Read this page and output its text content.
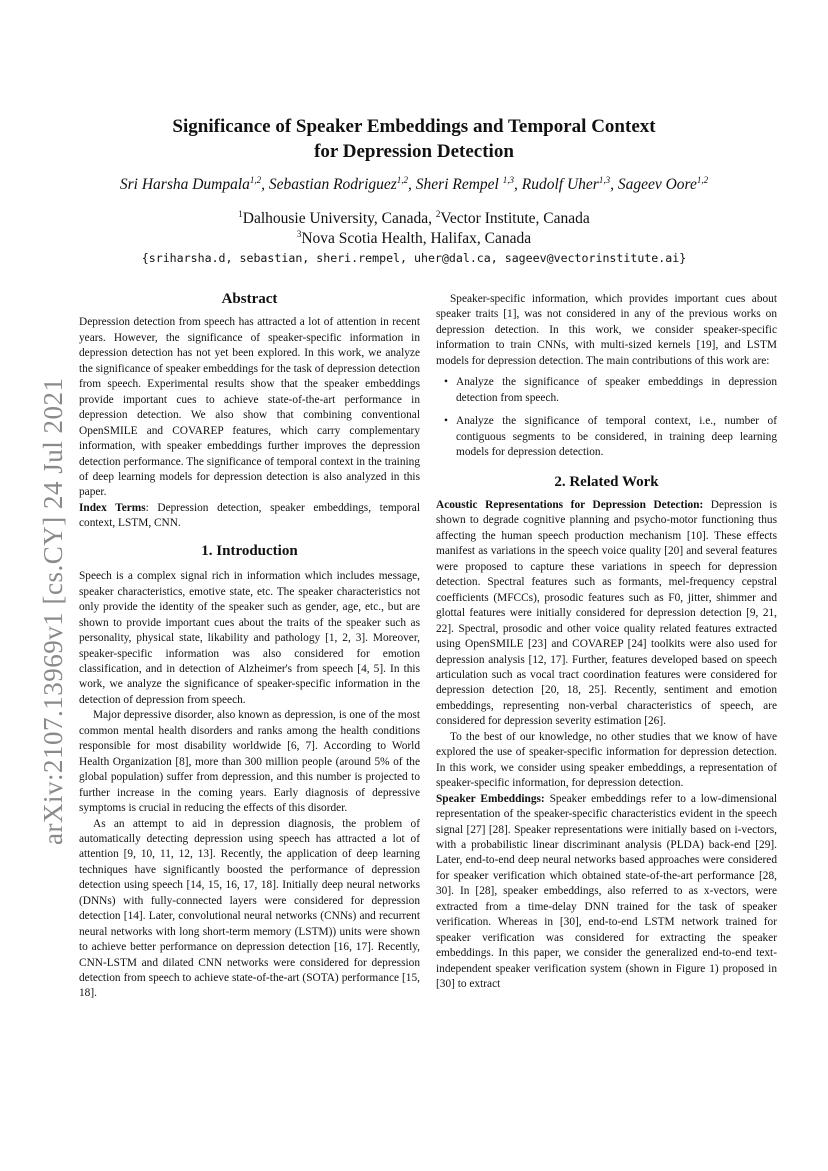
arXiv:2107.13969v1 [cs.CY] 24 Jul 2021
Significance of Speaker Embeddings and Temporal Context
for Depression Detection
Sri Harsha Dumpala$^{1,2}$, Sebastian Rodriguez$^{1,2}$, Sheri Rempel $^{1,3}$, Rudolf Uher$^{1,3}$, Sageev Oore$^{1,2}$
$^1$Dalhousie University, Canada, $^2$Vector Institute, Canada
$^3$Nova Scotia Health, Halifax, Canada
{sriharsha.d, sebastian, sheri.rempel, uher@dal.ca, sageev@vectorinstitute.ai}
Abstract

Depression detection from speech has attracted a lot of attention in recent years. However, the significance of speaker-specific information in depression detection has not yet been explored. In this work, we analyze the significance of speaker embeddings for the task of depression detection from speech. Experimental results show that the speaker embeddings provide important cues to achieve state-of-the-art performance in depression detection. We also show that combining conventional OpenSMILE and COVAREP features, which carry complementary information, with speaker embeddings further improves the depression detection performance. The significance of temporal context in the training of deep learning models for depression detection is also analyzed in this paper.

Index Terms: Depression detection, speaker embeddings, temporal context, LSTM, CNN.

1. Introduction

Speech is a complex signal rich in information which includes message, speaker characteristics, emotive state, etc. The speaker characteristics not only provide the identity of the speaker such as gender, age, etc., but are shown to provide important cues about the traits of the speaker such as personality, physical state, likability and pathology [1, 2, 3]. Moreover, speaker-specific information was also considered for emotion classification, and in detection of Alzheimer's from speech [4, 5]. In this work, we analyze the significance of speaker-specific information in the detection of depression from speech.

Major depressive disorder, also known as depression, is one of the most common mental health disorders and ranks among the health conditions responsible for most disability worldwide [6, 7]. According to World Health Organization [8], more than 300 million people (around 5% of the global population) suffer from depression, and this number is projected to further increase in the coming years. Early diagnosis of depressive symptoms is crucial in reducing the effects of this disorder.

As an attempt to aid in depression diagnosis, the problem of automatically detecting depression using speech has attracted a lot of attention [9, 10, 11, 12, 13]. Recently, the application of deep learning techniques have significantly boosted the performance of depression detection using speech [14, 15, 16, 17, 18]. Initially deep neural networks (DNNs) with fully-connected layers were considered for depression detection [14]. Later, convolutional neural networks (CNNs) and recurrent neural networks with long short-term memory (LSTM)) units were shown to achieve better performance on depression detection [16, 17]. Recently, CNN-LSTM and dilated CNN networks were considered for depression detection from speech to achieve state-of-the-art (SOTA) performance [15, 18].

Speaker-specific information, which provides important cues about speaker traits [1], was not considered in any of the previous works on depression detection. In this work, we consider speaker-specific information to train CNNs, with multi-sized kernels [19], and LSTM models for depression detection. The main contributions of this work are:

• Analyze the significance of speaker embeddings in depression detection from speech.
• Analyze the significance of temporal context, i.e., number of contiguous segments to be considered, in training deep learning models for depression detection.
2. Related Work

Acoustic Representations for Depression Detection: Depression is shown to degrade cognitive planning and psycho-motor functioning thus affecting the human speech production mechanism [10]. These effects manifest as variations in the speech voice quality [20] and several features were proposed to capture these variations in speech for depression detection. Spectral features such as formants, mel-frequency cepstral coefficients (MFCCs), prosodic features such as F0, jitter, shimmer and glottal features were initially considered for depression detection [9, 21, 22]. Spectral, prosodic and other voice quality related features extracted using OpenSMILE [23] and COVAREP [24] toolkits were also used for depression analysis [12, 17]. Further, features developed based on speech articulation such as vocal tract coordination features were considered for depression detection [20, 18, 25]. Recently, sentiment and emotion embeddings, representing non-verbal characteristics of speech, are considered for depression severity estimation [26].

To the best of our knowledge, no other studies that we know of have explored the use of speaker-specific information for depression detection. In this work, we consider using speaker embeddings, a representation of speaker-specific information, for depression detection.

Speaker Embeddings: Speaker embeddings refer to a low-dimensional representation of the speaker-specific characteristics evident in the speech signal [27] [28]. Speaker representations were initially based on i-vectors, with a probabilistic linear discriminant analysis (PLDA) back-end [29]. Later, end-to-end deep neural networks based approaches were considered for speaker verification which obtained state-of-the-art performance [28, 30]. In [28], speaker embeddings, also referred to as x-vectors, were extracted from a time-delay DNN trained for the task of speaker verification. Whereas in [30], end-to-end LSTM network trained for speaker verification was considered for extracting the speaker embeddings. In this paper, we consider the generalized end-to-end text-independent speaker verification system (shown in Figure 1) proposed in [30] to extract
